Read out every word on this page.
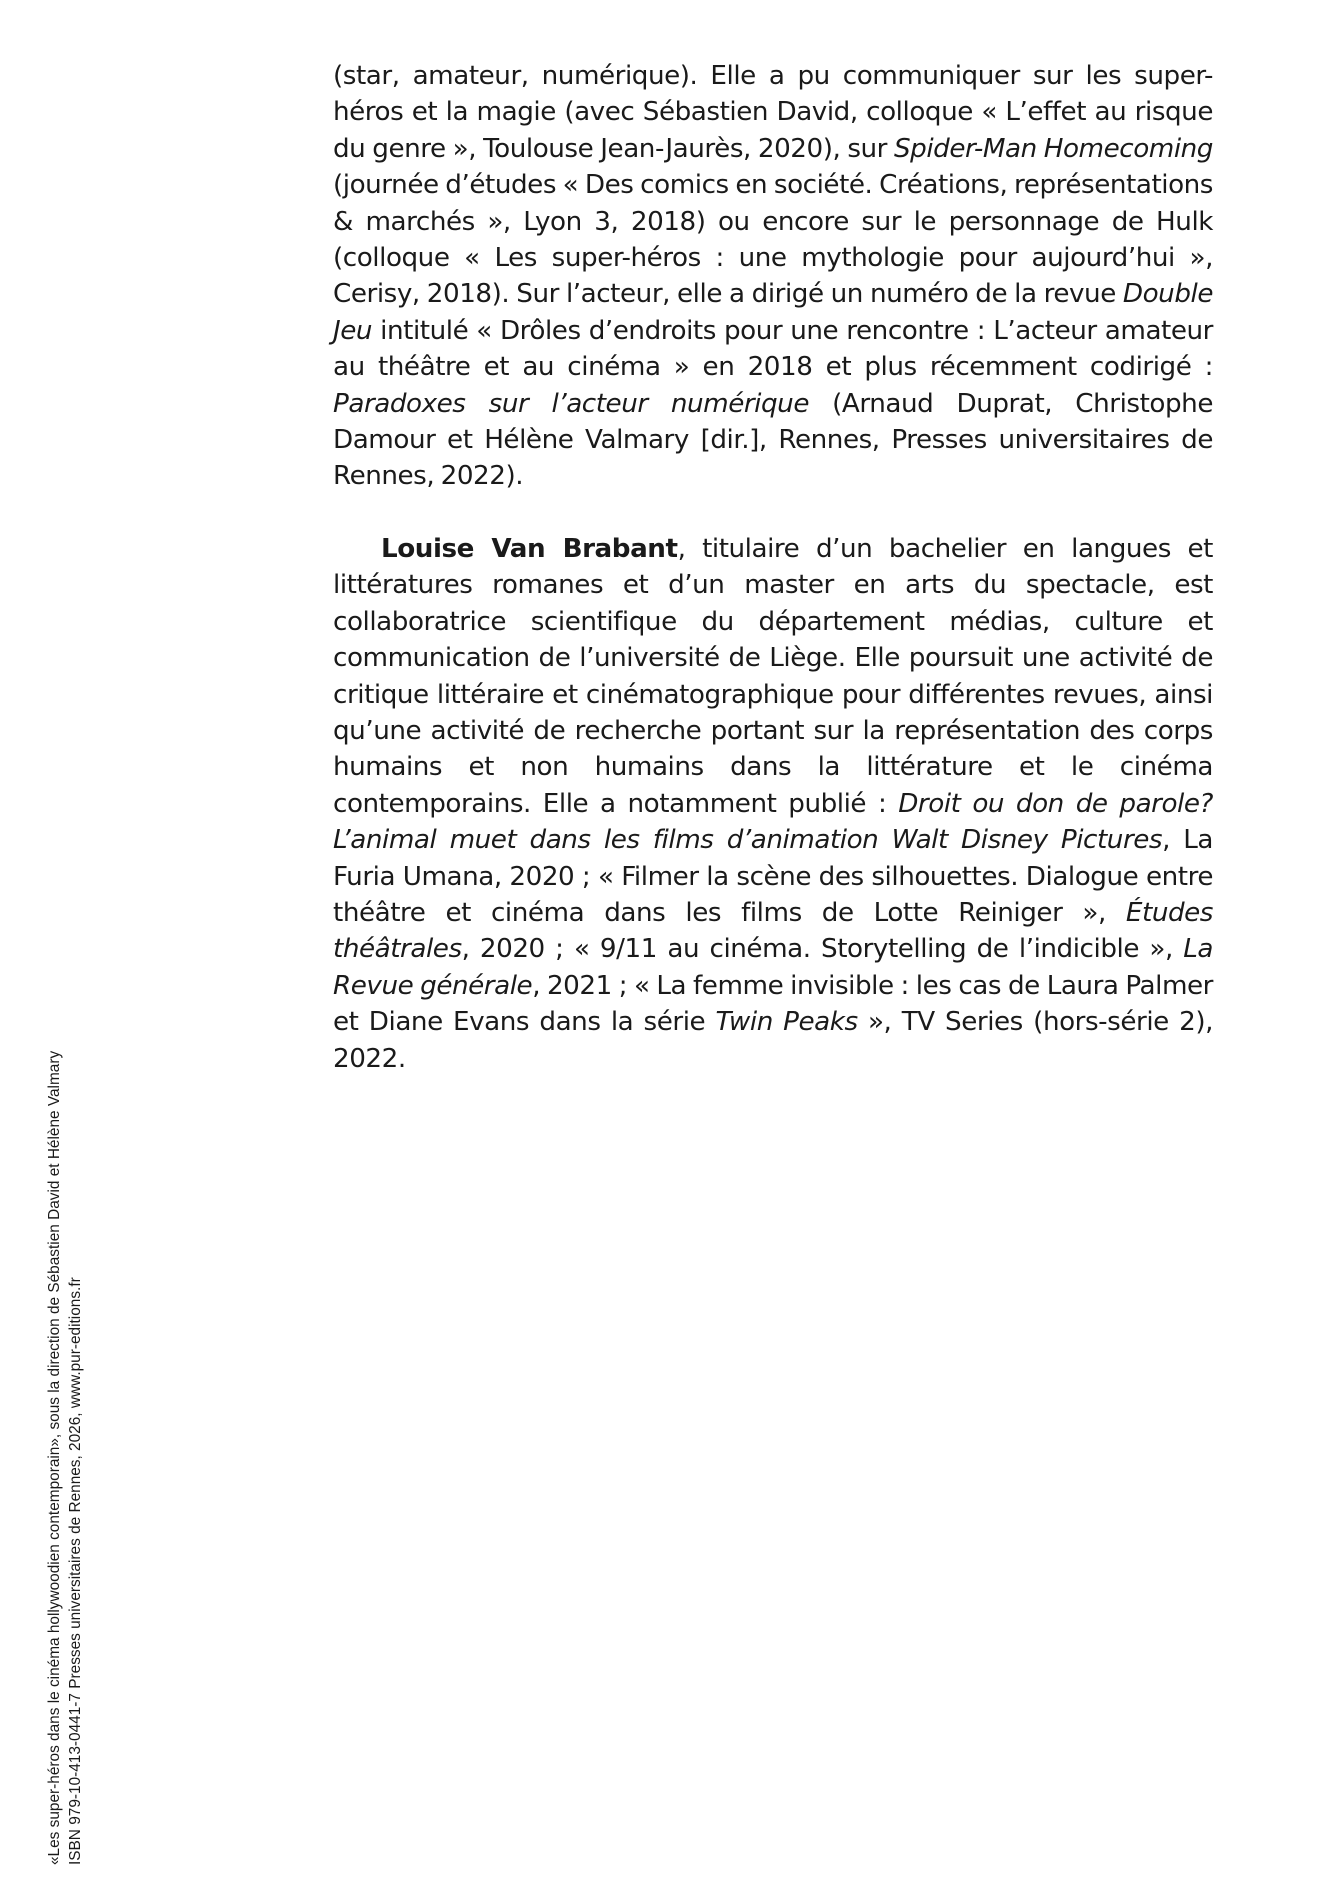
(star, amateur, numérique). Elle a pu communiquer sur les super-héros et la magie (avec Sébastien David, colloque « L’effet au risque du genre », Toulouse Jean-Jaurès, 2020), sur Spider-Man Homecoming (journée d’études « Des comics en société. Créations, représentations & marchés », Lyon 3, 2018) ou encore sur le personnage de Hulk (colloque « Les super-héros : une mythologie pour aujourd’hui », Cerisy, 2018). Sur l’acteur, elle a dirigé un numéro de la revue Double Jeu intitulé « Drôles d’endroits pour une rencontre : L’acteur amateur au théâtre et au cinéma » en 2018 et plus récemment codirigé : Paradoxes sur l’acteur numérique (Arnaud Duprat, Christophe Damour et Hélène Valmary [dir.], Rennes, Presses universitaires de Rennes, 2022).

Louise Van Brabant, titulaire d’un bachelier en langues et littératures romanes et d’un master en arts du spectacle, est collaboratrice scientifique du département médias, culture et communication de l’université de Liège. Elle poursuit une activité de critique littéraire et cinématographique pour différentes revues, ainsi qu’une activité de recherche portant sur la représentation des corps humains et non humains dans la littérature et le cinéma contemporains. Elle a notamment publié : Droit ou don de parole? L’animal muet dans les films d’animation Walt Disney Pictures, La Furia Umana, 2020 ; « Filmer la scène des silhouettes. Dialogue entre théâtre et cinéma dans les films de Lotte Reiniger », Études théâtrales, 2020 ; « 9/11 au cinéma. Storytelling de l’indicible », La Revue générale, 2021 ; « La femme invisible : les cas de Laura Palmer et Diane Evans dans la série Twin Peaks », TV Series (hors-série 2), 2022.

«Les super-héros dans le cinéma hollywoodien contemporain», sous la direction de Sébastien David et Hélène Valmary ISBN 979-10-413-0441-7 Presses universitaires de Rennes, 2026, www.pur-editions.fr
